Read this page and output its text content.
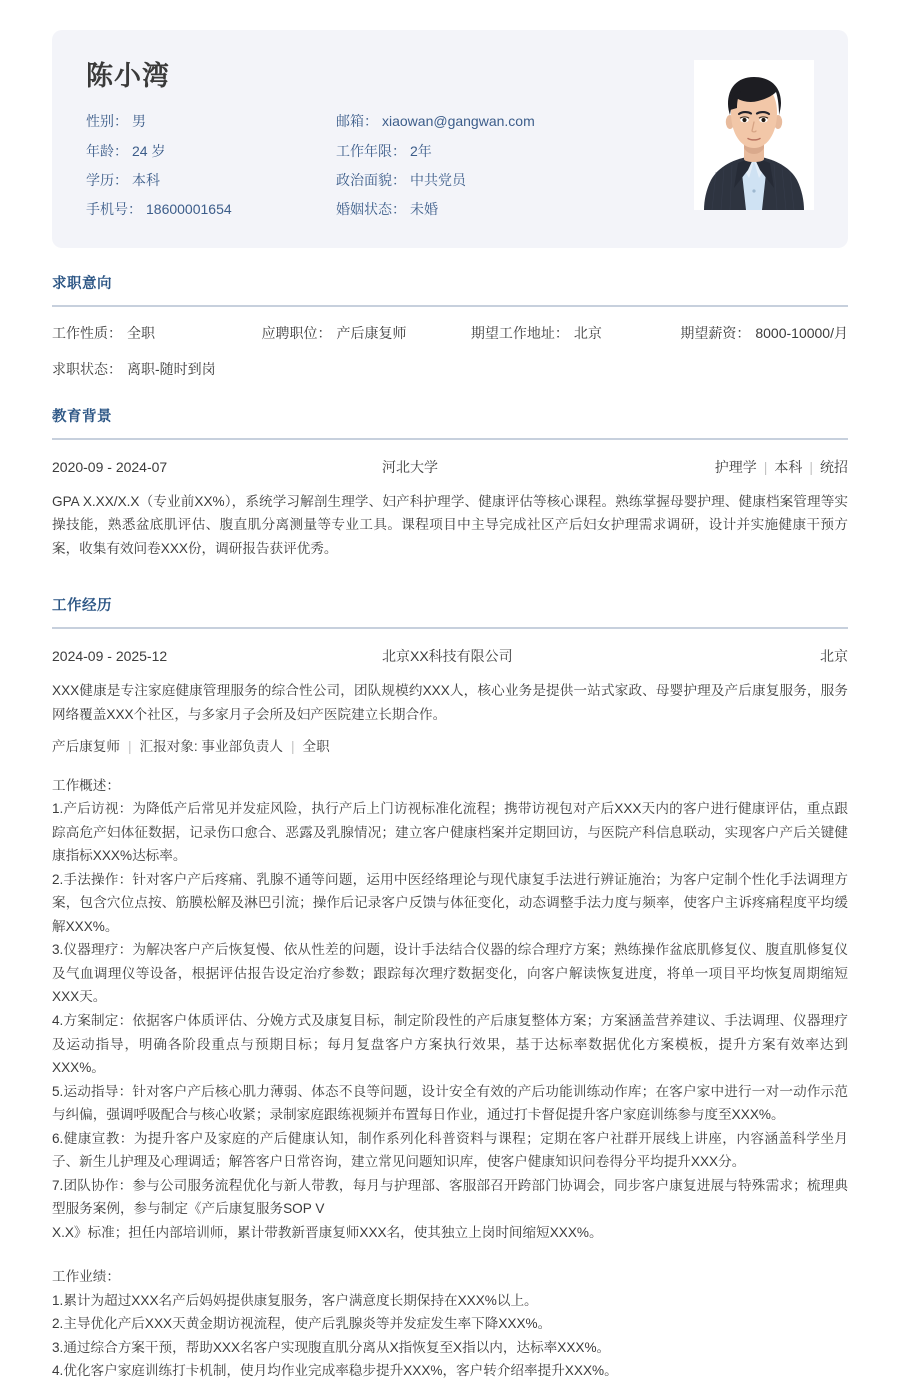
陈小湾
性别： 男	邮箱： xiaowan@gangwan.com
年龄： 24 岁	工作年限： 2年
学历： 本科	政治面貌： 中共党员
手机号： 18600001654	婚姻状态： 未婚
求职意向
工作性质： 全职	应聘职位： 产后康复师	期望工作地址： 北京	期望薪资： 8000-10000/月
求职状态： 离职-随时到岗
教育背景
2020-09 - 2024-07	河北大学	护理学 | 本科 | 统招
GPA X.XX/X.X（专业前XX%），系统学习解剖生理学、妇产科护理学、健康评估等核心课程。熟练掌握母婴护理、健康档案管理等实操技能，熟悉盆底肌评估、腹直肌分离测量等专业工具。课程项目中主导完成社区产后妇女护理需求调研，设计并实施健康干预方案，收集有效问卷XXX份，调研报告获评优秀。
工作经历
2024-09 - 2025-12	北京XX科技有限公司	北京
XXX健康是专注家庭健康管理服务的综合性公司，团队规模约XXX人，核心业务是提供一站式家政、母婴护理及产后康复服务，服务网络覆盖XXX个社区，与多家月子会所及妇产医院建立长期合作。
产后康复师 | 汇报对象: 事业部负责人 | 全职
工作概述：
1.产后访视：为降低产后常见并发症风险，执行产后上门访视标准化流程；携带访视包对产后XXX天内的客户进行健康评估，重点跟踪高危产妇体征数据，记录伤口愈合、恶露及乳腺情况；建立客户健康档案并定期回访，与医院产科信息联动，实现客户产后关键健康指标XXX%达标率。
2.手法操作：针对客户产后疼痛、乳腺不通等问题，运用中医经络理论与现代康复手法进行辨证施治；为客户定制个性化手法调理方案，包含穴位点按、筋膜松解及淋巴引流；操作后记录客户反馈与体征变化，动态调整手法力度与频率，使客户主诉疼痛程度平均缓解XXX%。
3.仪器理疗：为解决客户产后恢复慢、依从性差的问题，设计手法结合仪器的综合理疗方案；熟练操作盆底肌修复仪、腹直肌修复仪及气血调理仪等设备，根据评估报告设定治疗参数；跟踪每次理疗数据变化，向客户解读恢复进度，将单一项目平均恢复周期缩短XXX天。
4.方案制定：依据客户体质评估、分娩方式及康复目标，制定阶段性的产后康复整体方案；方案涵盖营养建议、手法调理、仪器理疗及运动指导，明确各阶段重点与预期目标；每月复盘客户方案执行效果，基于达标率数据优化方案模板，提升方案有效率达到XXX%。
5.运动指导：针对客户产后核心肌力薄弱、体态不良等问题，设计安全有效的产后功能训练动作库；在客户家中进行一对一动作示范与纠偏，强调呼吸配合与核心收紧；录制家庭跟练视频并布置每日作业，通过打卡督促提升客户家庭训练参与度至XXX%。
6.健康宣教：为提升客户及家庭的产后健康认知，制作系列化科普资料与课程；定期在客户社群开展线上讲座，内容涵盖科学坐月子、新生儿护理及心理调适；解答客户日常咨询，建立常见问题知识库，使客户健康知识问卷得分平均提升XXX分。
7.团队协作：参与公司服务流程优化与新人带教，每月与护理部、客服部召开跨部门协调会，同步客户康复进展与特殊需求；梳理典型服务案例，参与制定《产后康复服务SOP V
X.X》标准；担任内部培训师，累计带教新晋康复师XXX名，使其独立上岗时间缩短XXX%。
工作业绩：
1.累计为超过XXX名产后妈妈提供康复服务，客户满意度长期保持在XXX%以上。
2.主导优化产后XXX天黄金期访视流程，使产后乳腺炎等并发症发生率下降XXX%。
3.通过综合方案干预，帮助XXX名客户实现腹直肌分离从X指恢复至X指以内，达标率XXX%。
4.优化客户家庭训练打卡机制，使月均作业完成率稳步提升XXX%，客户转介绍率提升XXX%。
